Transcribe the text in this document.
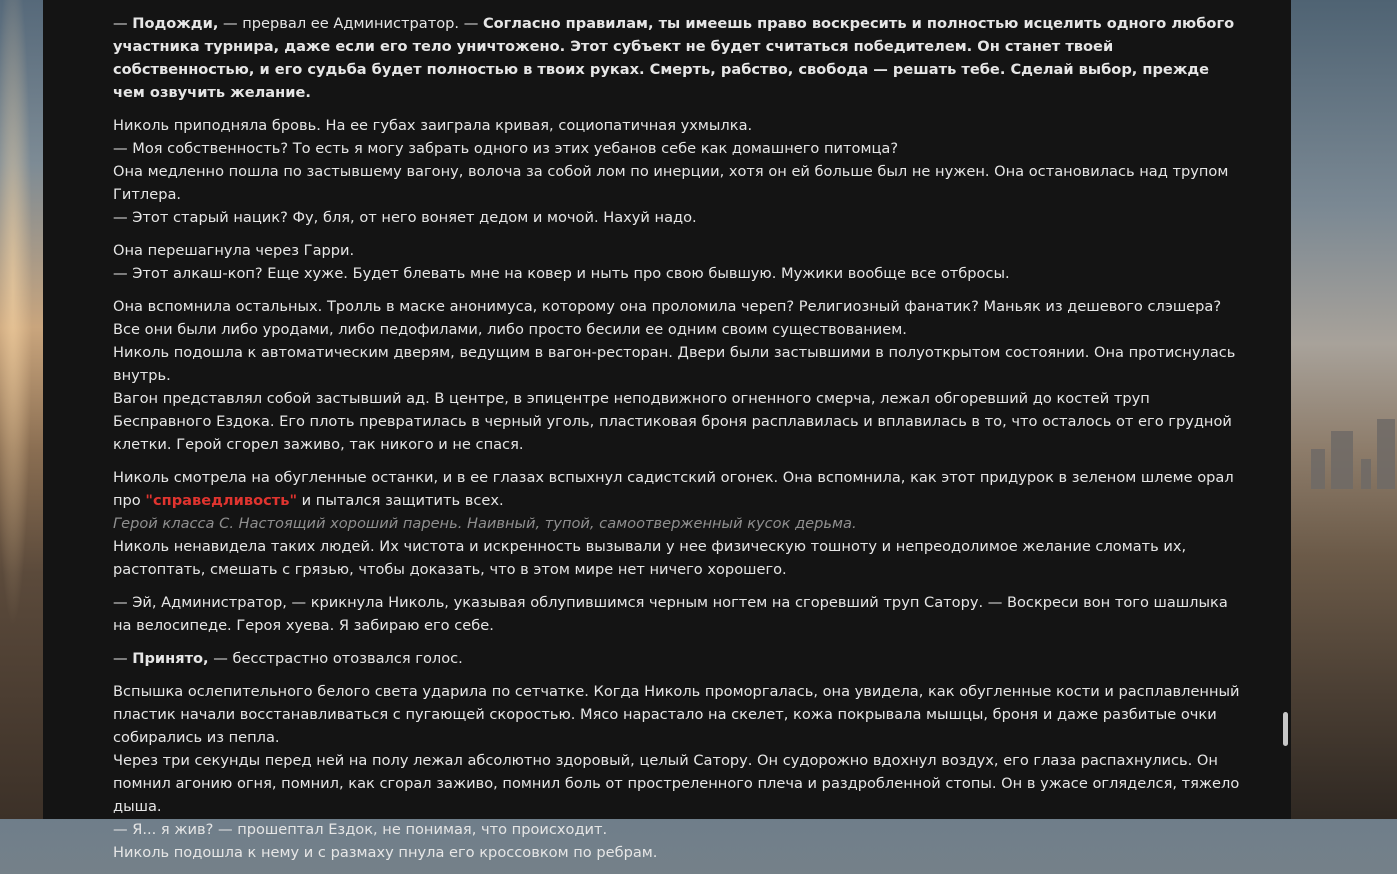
— Подожди, — прервал ее Администратор. — Согласно правилам, ты имеешь право воскресить и полностью исцелить одного любого участника турнира, даже если его тело уничтожено. Этот субъект не будет считаться победителем. Он станет твоей собственностью, и его судьба будет полностью в твоих руках. Смерть, рабство, свобода — решать тебе. Сделай выбор, прежде чем озвучить желание.

Николь приподняла бровь. На ее губах заиграла кривая, социопатичная ухмылка.
— Моя собственность? То есть я могу забрать одного из этих уебанов себе как домашнего питомца?
Она медленно пошла по застывшему вагону, волоча за собой лом по инерции, хотя он ей больше был не нужен. Она остановилась над трупом Гитлера.
— Этот старый нацик? Фу, бля, от него воняет дедом и мочой. Нахуй надо.

Она перешагнула через Гарри.
— Этот алкаш-коп? Еще хуже. Будет блевать мне на ковер и ныть про свою бывшую. Мужики вообще все отбросы.

Она вспомнила остальных. Тролль в маске анонимуса, которому она проломила череп? Религиозный фанатик? Маньяк из дешевого слэшера? Все они были либо уродами, либо педофилами, либо просто бесили ее одним своим существованием.
Николь подошла к автоматическим дверям, ведущим в вагон-ресторан. Двери были застывшими в полуоткрытом состоянии. Она протиснулась внутрь.
Вагон представлял собой застывший ад. В центре, в эпицентре неподвижного огненного смерча, лежал обгоревший до костей труп Бесправного Ездока. Его плоть превратилась в черный уголь, пластиковая броня расплавилась и вплавилась в то, что осталось от его грудной клетки. Герой сгорел заживо, так никого и не спася.

Николь смотрела на обугленные останки, и в ее глазах вспыхнул садистский огонек. Она вспомнила, как этот придурок в зеленом шлеме орал про "справедливость" и пытался защитить всех.
Герой класса C. Настоящий хороший парень. Наивный, тупой, самоотверженный кусок дерьма.
Николь ненавидела таких людей. Их чистота и искренность вызывали у нее физическую тошноту и непреодолимое желание сломать их, растоптать, смешать с грязью, чтобы доказать, что в этом мире нет ничего хорошего.

— Эй, Администратор, — крикнула Николь, указывая облупившимся черным ногтем на сгоревший труп Сатору. — Воскреси вон того шашлыка на велосипеде. Героя хуева. Я забираю его себе.

— Принято, — бесстрастно отозвался голос.

Вспышка ослепительного белого света ударила по сетчатке. Когда Николь проморгалась, она увидела, как обугленные кости и расплавленный пластик начали восстанавливаться с пугающей скоростью. Мясо нарастало на скелет, кожа покрывала мышцы, броня и даже разбитые очки собирались из пепла.
Через три секунды перед ней на полу лежал абсолютно здоровый, целый Сатору. Он судорожно вдохнул воздух, его глаза распахнулись. Он помнил агонию огня, помнил, как сгорал заживо, помнил боль от простреленного плеча и раздробленной стопы. Он в ужасе огляделся, тяжело дыша.
— Я... я жив? — прошептал Ездок, не понимая, что происходит.
Николь подошла к нему и с размаху пнула его кроссовком по ребрам.
